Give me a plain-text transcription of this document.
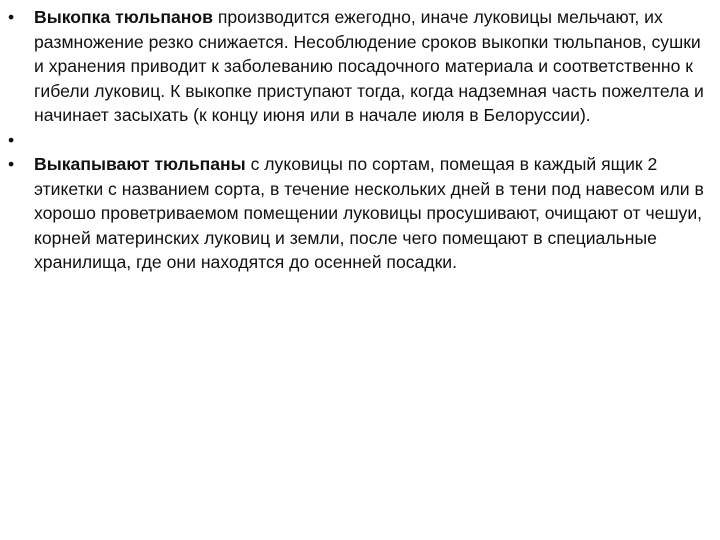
•	Выкопка тюльпанов производится ежегодно, иначе луковицы мельчают, их размножение резко снижается. Несоблюдение сроков выкопки тюльпанов, сушки и хранения приводит к заболеванию посадочного материала и соответственно к гибели луковиц. К выкопке приступают тогда, когда надземная часть пожелтела и начинает засыхать (к концу июня или в начале июля в Белоруссии).
•
•	Выкапывают тюльпаны с луковицы по сортам, помещая в каждый ящик 2 этикетки с названием сорта, в течение нескольких дней в тени под навесом или в хорошо проветриваемом помещении луковицы просушивают, очищают от чешуи, корней материнских луковиц и земли, после чего помещают в специальные хранилища, где они находятся до осенней посадки.
